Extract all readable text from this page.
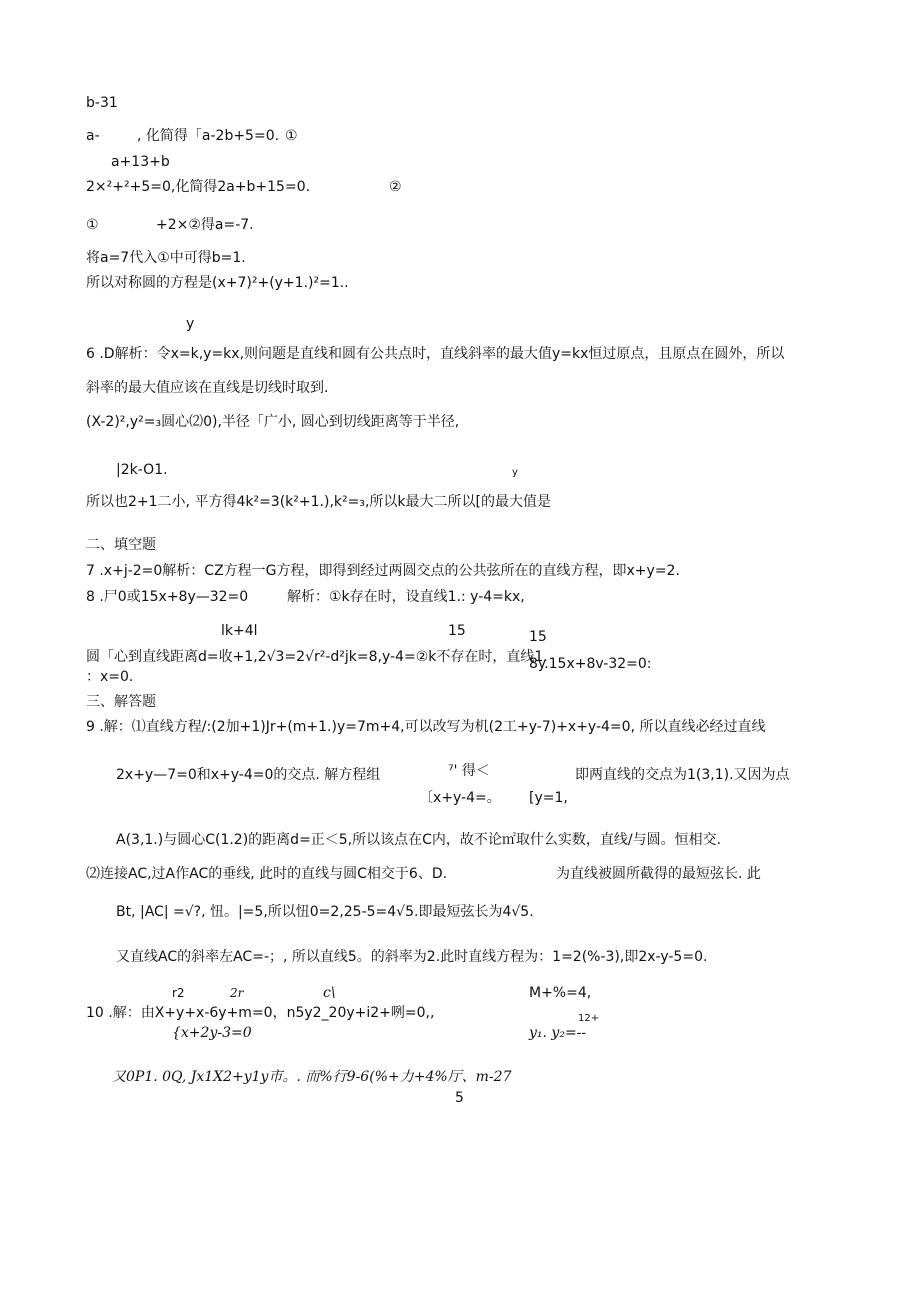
b-31
a-	, 化简得「a-2b+5=0. ①
a+13+b
2×²+²+5=0,化简得2a+b+15=0.	②
①	+2×②得a=-7.
将a=7代入①中可得b=1.
所以对称圆的方程是(x+7)²+(y+1.)²=1..
y
6 .D解析：令x=k,y=kx,则问题是直线和圆有公共点时，直线斜率的最大值y=kx恒过原点，且原点在圆外，所以
斜率的最大值应该在直线是切线时取到.
(X-2)²,y²=₃圆心⑵0),半径「广小, 圆心到切线距离等于半径,
|2k-O1.	y
所以也2+1二小, 平方得4k²=3(k²+1.),k²=₃,所以k最大二所以[的最大值是
二、填空题
7 .x+j-2=0解析：CZ方程一G方程，即得到经过两圆交点的公共弦所在的直线方程，即x+y=2.
8 .尸0或15x+8y—32=0	解析：①k存在时，设直线1.: y-4=kx,
lk+4l	15	15
圆「心到直线距离d=收+1,2√3=2√r²-d²jk=8,y-4=②k不存在时，直线1.
8y.15x+8v-32=0:
：x=0.
三、解答题
9 .解：⑴直线方程/:(2加+1)Jr+(m+1.)y=7m+4,可以改写为机(2工+y-7)+x+y-4=0, 所以直线必经过直线
2x+y—7=0和x+y-4=0的交点. 解方程组	⁷' 得＜	即两直线的交点为1(3,1).又因为点
〔x+y-4=。 [y=1,
A(3,1.)与圆心C(1.2)的距离d=正＜5,所以该点在C内，故不论㎡取什么实数，直线/与圆。恒相交.
⑵连接AC,过A作AC的垂线, 此时的直线与圆C相交于6、D.	为直线被圆所截得的最短弦长. 此
Bt, |AC| =√?, 忸。|=5,所以忸0=2,25-5=4√5.即最短弦长为4√5.
又直线AC的斜率左AC=-；, 所以直线5。的斜率为2.此时直线方程为：1=2(%-3),即2x-y-5=0.
r2	2r	c\	M+%=4,
10 .解：由X+y+x-6y+m=0，n5y2_20y+i2+咧=0,,	12+
{x+2y-3=0	y₁. y₂=--
又0P1. 0Q, Jx1X2+y1y市。. 而%行9-6(%+力+4%厅、m-27
5
